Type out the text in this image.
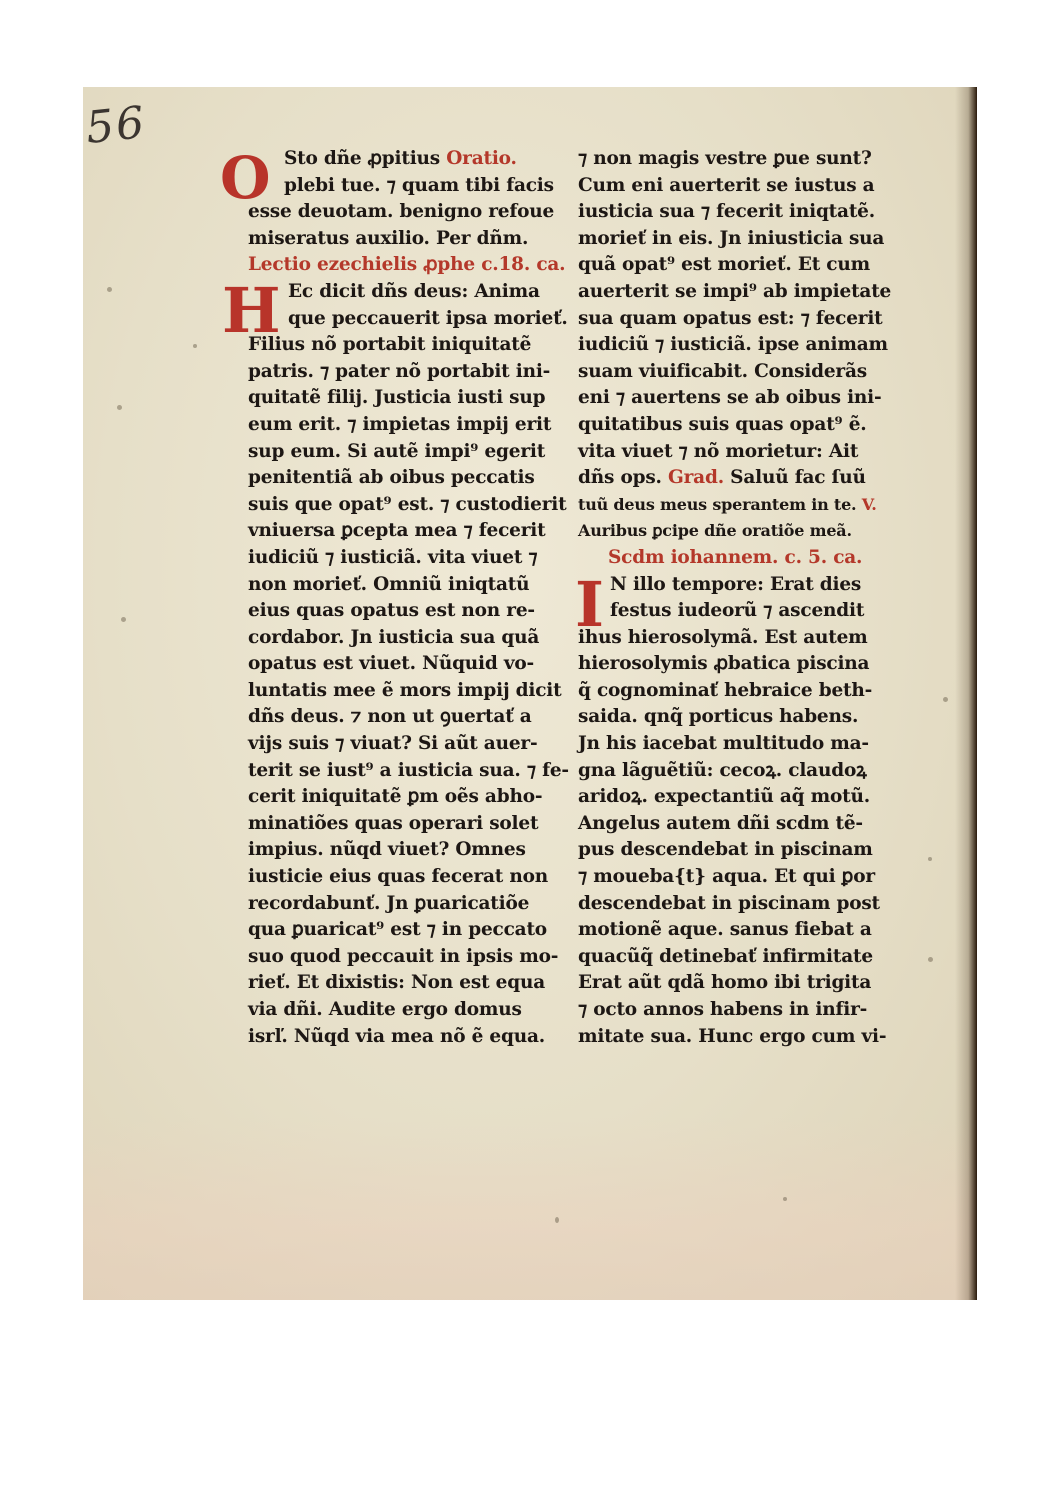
56
O
H
I
Sto dñe ꝓpitius Oratio.
plebi tue. ⁊ quam tibi facis
esse deuotam. benigno refoue
miseratus auxilio. Per dñm.
Lectio ezechielis ꝓphe c.18. ca.
Ec dicit dñs deus: Anima
que peccauerit ipsa morieť.
Filius nõ portabit iniquitatẽ
patris. ⁊ pater nõ portabit ini-
quitatẽ filij. Justicia iusti sup
eum erit. ⁊ impietas impij erit
sup eum. Si autẽ impi⁹ egerit
penitentiã ab oibus peccatis
suis que opat⁹ est. ⁊ custodierit
vniuersa ꝑcepta mea ⁊ fecerit
iudiciũ ⁊ iusticiã. vita viuet ⁊
non morieť. Omniũ iniqtatũ
eius quas opatus est non re-
cordabor. Jn iusticia sua quã
opatus est viuet. Nũquid vo-
luntatis mee ẽ mors impij dicit
dñs deus. ⁊ non ut ꝯuertať a
vijs suis ⁊ viuat? Si aũt auer-
terit se iust⁹ a iusticia sua. ⁊ fe-
cerit iniquitatẽ ꝑm oẽs abho-
minatiões quas operari solet
impius. nũqd viuet? Omnes
iusticie eius quas fecerat non
recordabunť. Jn ꝑuaricatiõe
qua ꝑuaricat⁹ est ⁊ in peccato
suo quod peccauit in ipsis mo-
rieť. Et dixistis: Non est equa
via dñi. Audite ergo domus
isrľ. Nũqd via mea nõ ẽ equa.
⁊ non magis vestre ꝑue sunt?
Cum eni auerterit se iustus a
iusticia sua ⁊ fecerit iniqtatẽ.
morieť in eis. Jn iniusticia sua
quã opat⁹ est morieť. Et cum
auerterit se impi⁹ ab impietate
sua quam opatus est: ⁊ fecerit
iudiciũ ⁊ iusticiã. ipse animam
suam viuificabit. Considerãs
eni ⁊ auertens se ab oibus ini-
quitatibus suis quas opat⁹ ẽ.
vita viuet ⁊ nõ morietur: Ait
dñs ops. Grad. Saluũ fac ſuũ
tuũ deus meus sperantem in te. V.
Auribus ꝑcipe dñe oratiõe meã.
Scdm iohannem. c. 5. ca.
N illo tempore: Erat dies
festus iudeorũ ⁊ ascendit
ihus hierosolymã. Est autem
hierosolymis ꝓbatica piscina
q̃ cognominať hebraice beth-
saida. qnq̃ porticus habens.
Jn his iacebat multitudo ma-
gna lãguẽtiũ: cecoꝝ. claudoꝝ
aridoꝝ. expectantiũ aq̃ motũ.
Angelus autem dñi scdm tẽ-
pus descendebat in piscinam
⁊ moueba{t} aqua. Et qui ꝑor
descendebat in piscinam post
motionẽ aque. sanus fiebat a
quacũq̃ detinebať infirmitate
Erat aũt qdã homo ibi trigita
⁊ octo annos habens in infir-
mitate sua. Hunc ergo cum vi-
